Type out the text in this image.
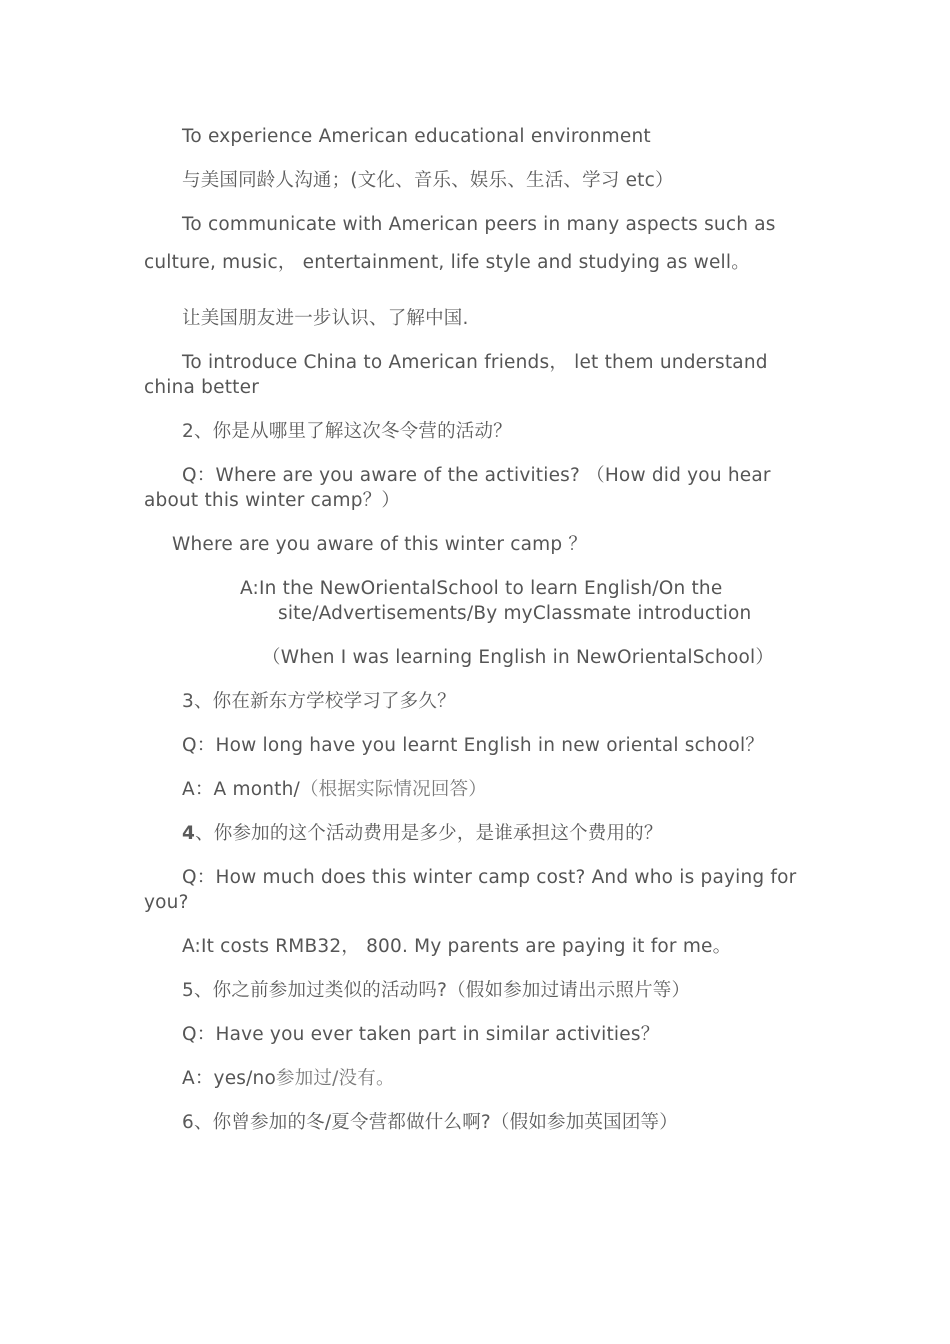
To experience American educational environment

与美国同龄人沟通；(文化、音乐、娱乐、生活、学习 etc）

To communicate with American peers in many aspects such as

culture, music， entertainment, life style and studying as well。

让美国朋友进一步认识、了解中国.

To introduce China to American friends， let them understand

china better

2、你是从哪里了解这次冬令营的活动？

Q：Where are you aware of the activities? （How did you hear

about this winter camp？）

Where are you aware of this winter camp ？

A:In the NewOrientalSchool to learn English/On the

site/Advertisements/By myClassmate introduction

（When I was learning English in NewOrientalSchool）

3、你在新东方学校学习了多久？

Q：How long have you learnt English in new oriental school？

A：A month/（根据实际情况回答）

4、你参加的这个活动费用是多少，是谁承担这个费用的？

Q：How much does this winter camp cost? And who is paying for

you?

A:It costs RMB32， 800. My parents are paying it for me。

5、你之前参加过类似的活动吗?（假如参加过请出示照片等）

Q：Have you ever taken part in similar activities？

A：yes/no参加过/没有。

6、你曾参加的冬/夏令营都做什么啊?（假如参加英国团等）
